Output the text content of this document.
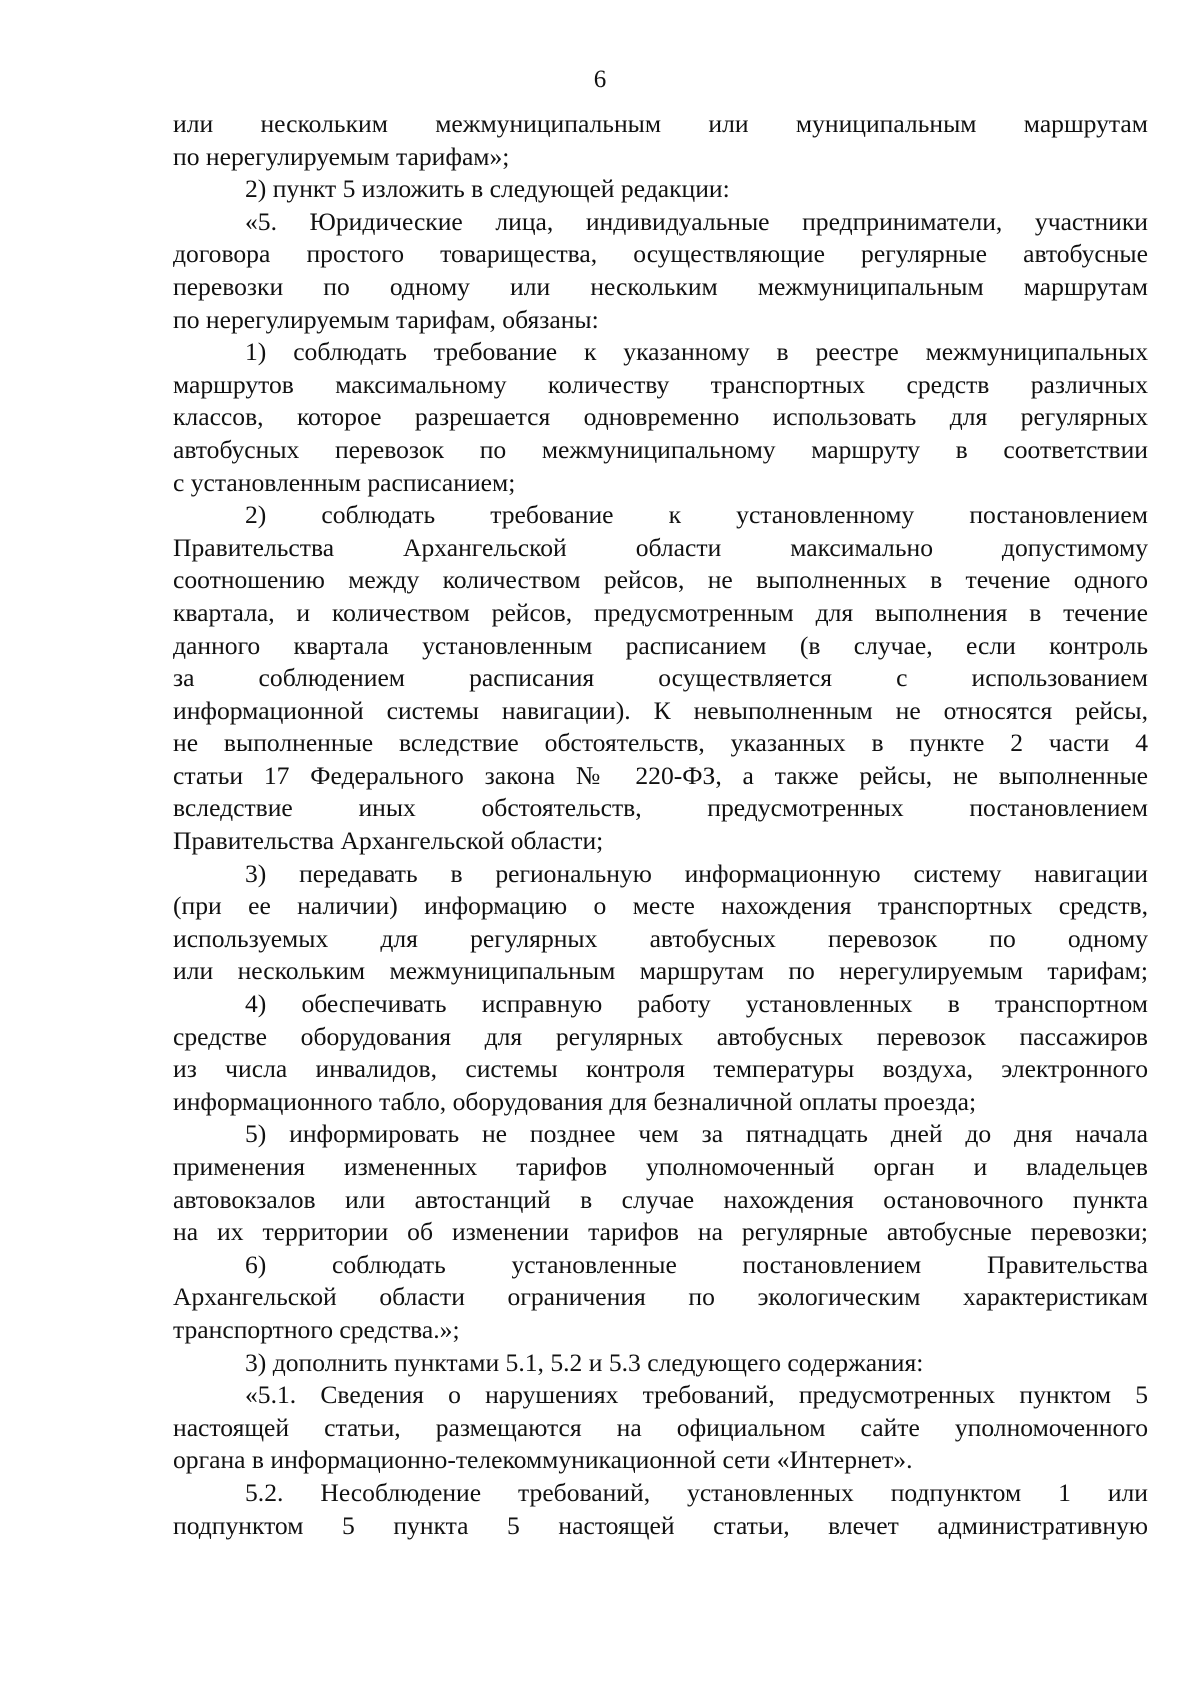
6
или нескольким межмуниципальным или муниципальным маршрутам
по нерегулируемым тарифам»;
2) пункт 5 изложить в следующей редакции:
«5. Юридические лица, индивидуальные предприниматели, участники
договора простого товарищества, осуществляющие регулярные автобусные
перевозки по одному или нескольким межмуниципальным маршрутам
по нерегулируемым тарифам, обязаны:
1) соблюдать требование к указанному в реестре межмуниципальных
маршрутов максимальному количеству транспортных средств различных
классов, которое разрешается одновременно использовать для регулярных
автобусных перевозок по межмуниципальному маршруту в соответствии
с установленным расписанием;
2) соблюдать требование к установленному постановлением
Правительства Архангельской области максимально допустимому
соотношению между количеством рейсов, не выполненных в течение одного
квартала, и количеством рейсов, предусмотренным для выполнения в течение
данного квартала установленным расписанием (в случае, если контроль
за соблюдением расписания осуществляется с использованием
информационной системы навигации). К невыполненным не относятся рейсы,
не выполненные вследствие обстоятельств, указанных в пункте 2 части 4
статьи 17 Федерального закона № 220-ФЗ, а также рейсы, не выполненные
вследствие иных обстоятельств, предусмотренных постановлением
Правительства Архангельской области;
3) передавать в региональную информационную систему навигации
(при ее наличии) информацию о месте нахождения транспортных средств,
используемых для регулярных автобусных перевозок по одному
или нескольким межмуниципальным маршрутам по нерегулируемым тарифам;
4) обеспечивать исправную работу установленных в транспортном
средстве оборудования для регулярных автобусных перевозок пассажиров
из числа инвалидов, системы контроля температуры воздуха, электронного
информационного табло, оборудования для безналичной оплаты проезда;
5) информировать не позднее чем за пятнадцать дней до дня начала
применения измененных тарифов уполномоченный орган и владельцев
автовокзалов или автостанций в случае нахождения остановочного пункта
на их территории об изменении тарифов на регулярные автобусные перевозки;
6) соблюдать установленные постановлением Правительства
Архангельской области ограничения по экологическим характеристикам
транспортного средства.»;
3) дополнить пунктами 5.1, 5.2 и 5.3 следующего содержания:
«5.1. Сведения о нарушениях требований, предусмотренных пунктом 5
настоящей статьи, размещаются на официальном сайте уполномоченного
органа в информационно-телекоммуникационной сети «Интернет».
5.2. Несоблюдение требований, установленных подпунктом 1 или
подпунктом 5 пункта 5 настоящей статьи, влечет административную
